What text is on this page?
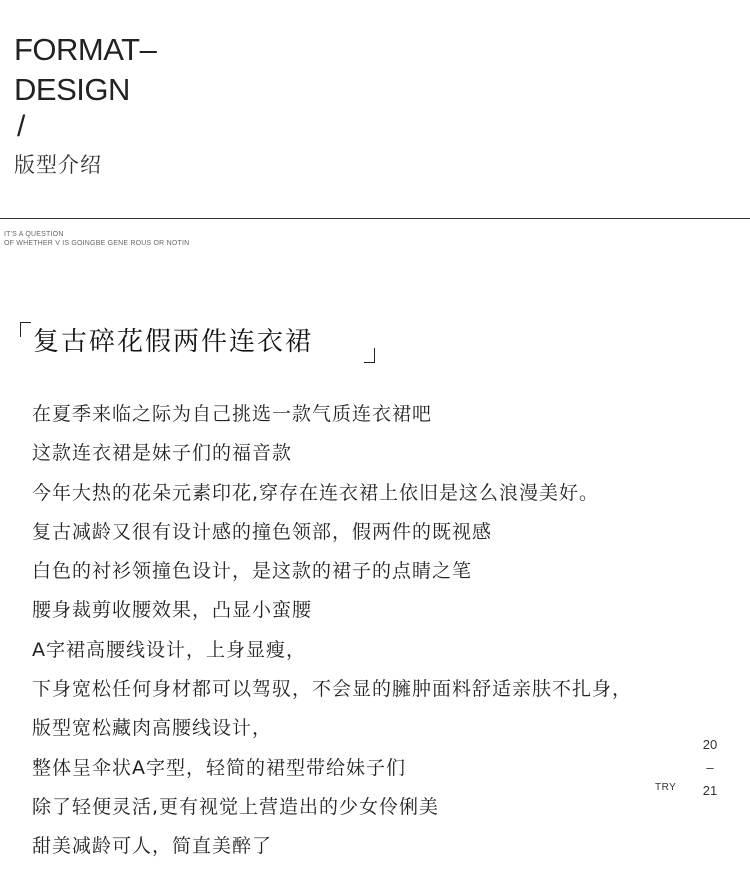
FORMAT–
DESIGN
/
版型介绍
IT'S A QUESTION
OF WHETHER V IS GOINGBE GENE ROUS OR NOTIN
复古碎花假两件连衣裙
在夏季来临之际为自己挑选一款气质连衣裙吧
这款连衣裙是妹子们的福音款
今年大热的花朵元素印花,穿存在连衣裙上依旧是这么浪漫美好。
复古减龄又很有设计感的撞色领部，假两件的既视感
白色的衬衫领撞色设计，是这款的裙子的点睛之笔
腰身裁剪收腰效果，凸显小蛮腰
A字裙高腰线设计，上身显瘦，
下身宽松任何身材都可以驾驭，不会显的臃肿面料舒适亲肤不扎身，
版型宽松藏肉高腰线设计，
整体呈伞状A字型，轻简的裙型带给妹子们
除了轻便灵活,更有视觉上营造出的少女伶俐美
甜美减龄可人，简直美醉了
20
–
21
TRY
